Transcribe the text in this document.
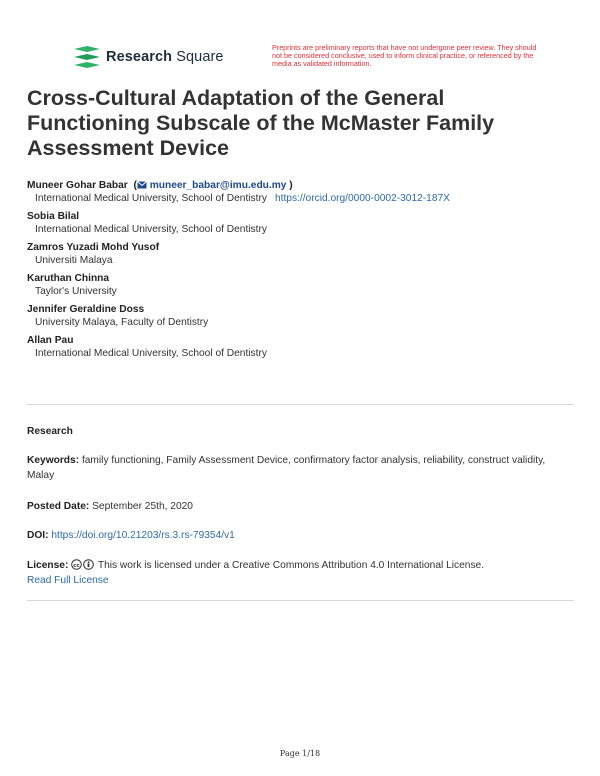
Research Square
Preprints are preliminary reports that have not undergone peer review. They should not be considered conclusive, used to inform clinical practice, or referenced by the media as validated information.
Cross-Cultural Adaptation of the General Functioning Subscale of the McMaster Family Assessment Device
Muneer Gohar Babar  ( muneer_babar@imu.edu.my )
International Medical University, School of Dentistry https://orcid.org/0000-0002-3012-187X
Sobia Bilal
International Medical University, School of Dentistry
Zamros Yuzadi Mohd Yusof
Universiti Malaya
Karuthan Chinna
Taylor's University
Jennifer Geraldine Doss
University Malaya, Faculty of Dentistry
Allan Pau
International Medical University, School of Dentistry
Research
Keywords: family functioning, Family Assessment Device, confirmatory factor analysis, reliability, construct validity, Malay
Posted Date: September 25th, 2020
DOI: https://doi.org/10.21203/rs.3.rs-79354/v1
License: cc This work is licensed under a Creative Commons Attribution 4.0 International License.
Read Full License
Page 1/18
